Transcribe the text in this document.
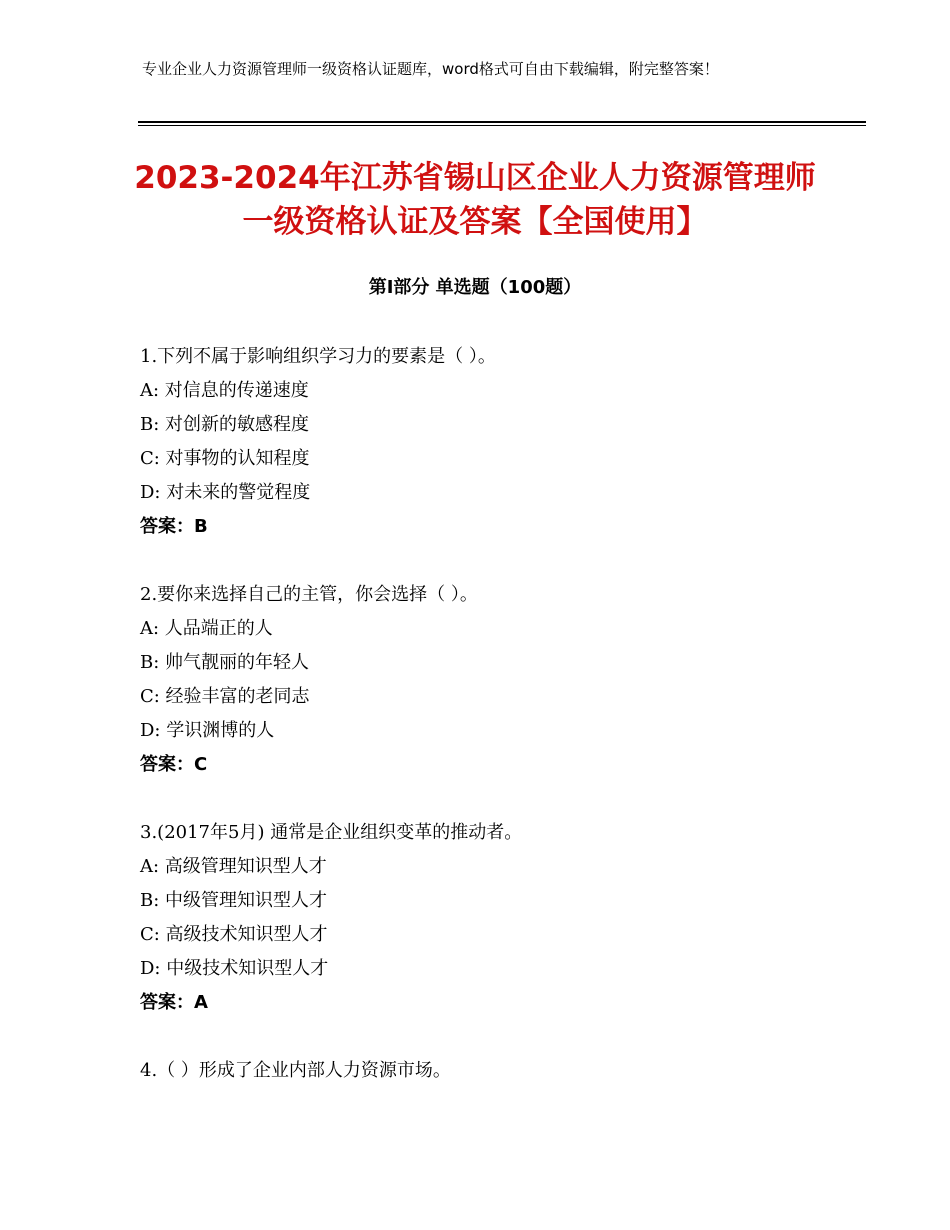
专业企业人力资源管理师一级资格认证题库，word格式可自由下载编辑，附完整答案！
2023-2024年江苏省锡山区企业人力资源管理师一级资格认证及答案【全国使用】
第Ⅰ部分 单选题（100题）
1.下列不属于影响组织学习力的要素是（ ）。
A: 对信息的传递速度
B: 对创新的敏感程度
C: 对事物的认知程度
D: 对未来的警觉程度
答案：B
2.要你来选择自己的主管，你会选择（ ）。
A: 人品端正的人
B: 帅气靓丽的年轻人
C: 经验丰富的老同志
D: 学识渊博的人
答案：C
3.(2017年5月) 通常是企业组织变革的推动者。
A: 高级管理知识型人才
B: 中级管理知识型人才
C: 高级技术知识型人才
D: 中级技术知识型人才
答案：A
4.（ ）形成了企业内部人力资源市场。
